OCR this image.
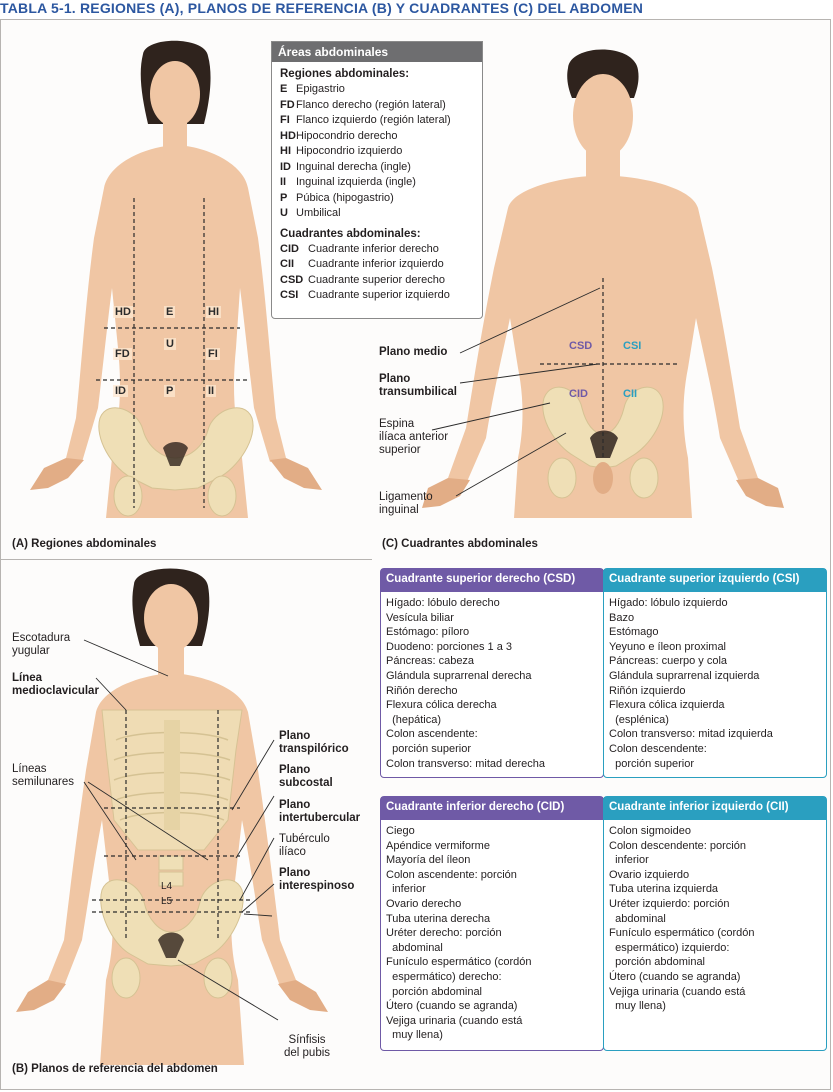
TABLA 5-1. REGIONES (A), PLANOS DE REFERENCIA (B) Y CUADRANTES (C) DEL ABDOMEN
HD	E	HI
FD
U
FI
ID	P	II
(A) Regiones abdominales
Áreas abdominales
Regiones abdominales:
E Epigastrio
FDFlanco derecho (región lateral)
FI Flanco izquierdo (región lateral)
HDHipocondrio derecho
HI Hipocondrio izquierdo
ID Inguinal derecha (ingle)
II Inguinal izquierda (ingle)
P Púbica (hipogastrio)
U Umbilical
Cuadrantes abdominales:
CID Cuadrante inferior derecho
CII Cuadrante inferior izquierdo
CSD Cuadrante superior derecho
CSI Cuadrante superior izquierdo
CSD	CSI
CID	CII
Plano medio
Plano
transumbilical
Espina
ilíaca anterior
superior
Ligamento
inguinal
(C) Cuadrantes abdominales
L4
L5
Escotadura
yugular
Línea
medioclavicular
Líneas
semilunares
Plano
transpilórico
Plano
subcostal
Plano
intertubercular
Tubérculo
ilíaco
Plano
interespinoso
Sínfisis
del pubis
(B) Planos de referencia del abdomen
Cuadrante superior derecho (CSD)
Hígado: lóbulo derecho
Vesícula biliar
Estómago: píloro
Duodeno: porciones 1 a 3
Páncreas: cabeza
Glándula suprarrenal derecha
Riñón derecho
Flexura cólica derecha
(hepática)
Colon ascendente:
porción superior
Colon transverso: mitad derecha
Cuadrante superior izquierdo (CSI)
Hígado: lóbulo izquierdo
Bazo
Estómago
Yeyuno e íleon proximal
Páncreas: cuerpo y cola
Glándula suprarrenal izquierda
Riñón izquierdo
Flexura cólica izquierda
(esplénica)
Colon transverso: mitad izquierda
Colon descendente:
porción superior
Cuadrante inferior derecho (CID)
Ciego
Apéndice vermiforme
Mayoría del íleon
Colon ascendente: porción
inferior
Ovario derecho
Tuba uterina derecha
Uréter derecho: porción
abdominal
Funículo espermático (cordón
espermático) derecho:
porción abdominal
Útero (cuando se agranda)
Vejiga urinaria (cuando está
muy llena)
Cuadrante inferior izquierdo (CII)
Colon sigmoideo
Colon descendente: porción
inferior
Ovario izquierdo
Tuba uterina izquierda
Uréter izquierdo: porción
abdominal
Funículo espermático (cordón
espermático) izquierdo:
porción abdominal
Útero (cuando se agranda)
Vejiga urinaria (cuando está
muy llena)
